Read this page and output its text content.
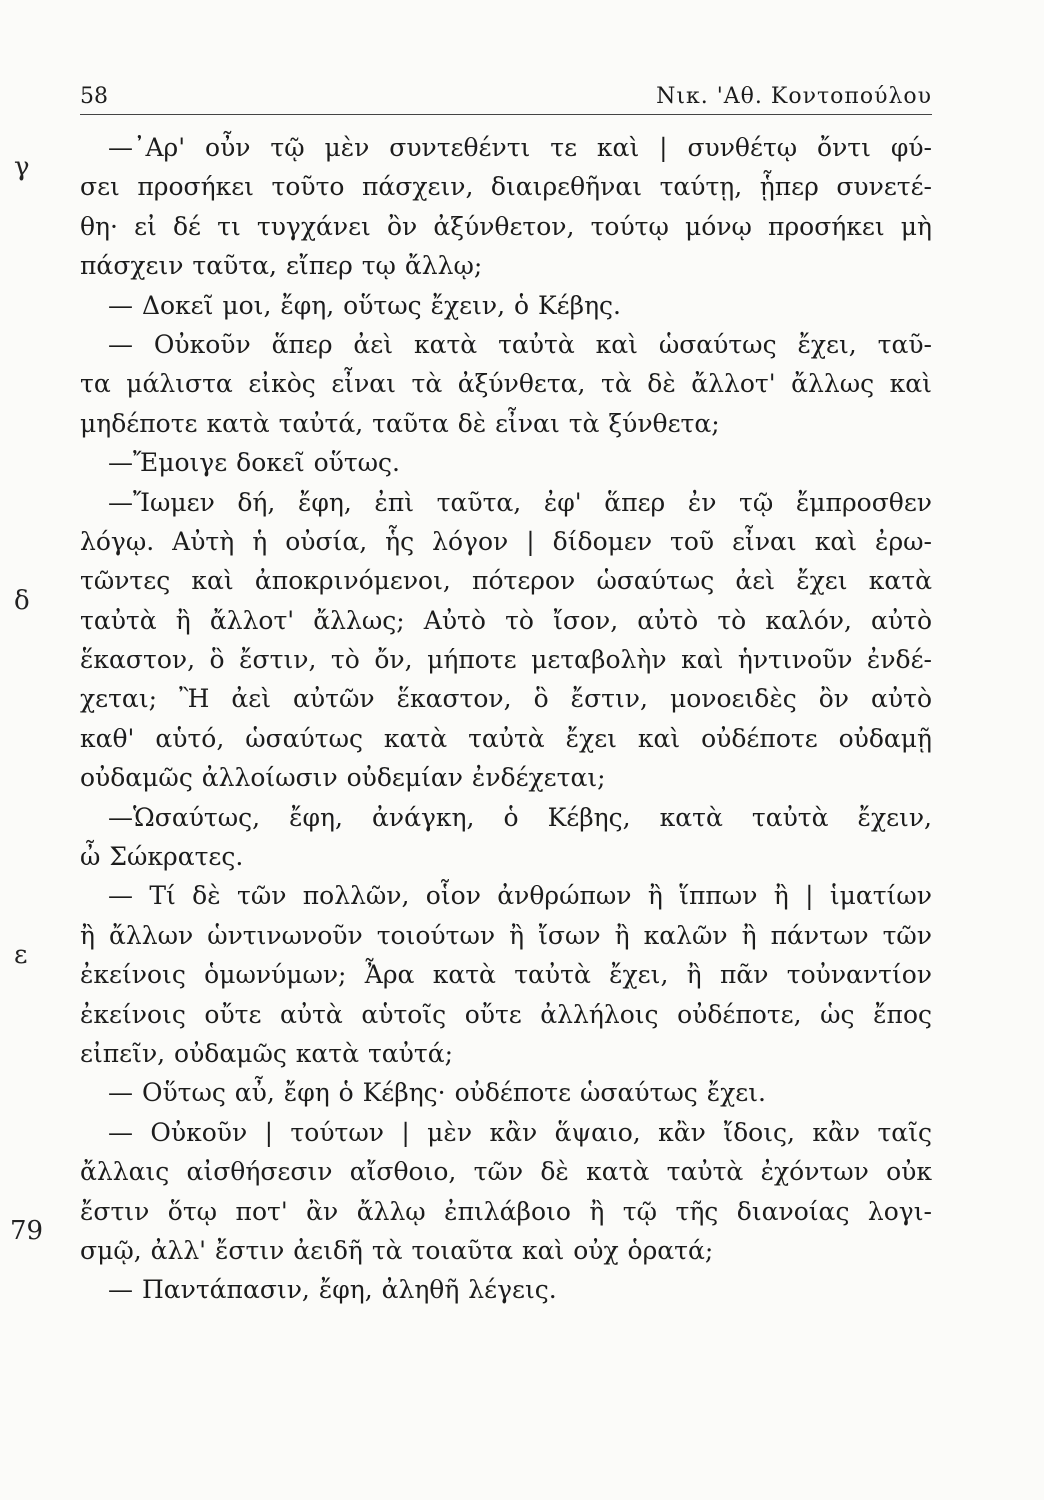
58	Νικ. 'Αθ. Κοντοπούλου
γ
δ
ε
79
—᾿Αρ' οὖν τῷ μὲν συντεθέντι τε καὶ | συνθέτῳ ὄντι φύ-
σει προσήκει τοῦτο πάσχειν, διαιρεθῆναι ταύτῃ, ᾗπερ συνετέ-
θη· εἰ δέ τι τυγχάνει ὂν ἀξύνθετον, τούτῳ μόνῳ προσήκει μὴ
πάσχειν ταῦτα, εἴπερ τῳ ἄλλῳ;
— Δοκεῖ μοι, ἔφη, οὕτως ἔχειν, ὁ Κέβης.
— Οὐκοῦν ἅπερ ἀεὶ κατὰ ταὐτὰ καὶ ὡσαύτως ἔχει, ταῦ-
τα μάλιστα εἰκὸς εἶναι τὰ ἀξύνθετα, τὰ δὲ ἄλλοτ' ἄλλως καὶ
μηδέποτε κατὰ ταὐτά, ταῦτα δὲ εἶναι τὰ ξύνθετα;
—Ἔμοιγε δοκεῖ οὕτως.
—Ἴωμεν δή, ἔφη, ἐπὶ ταῦτα, ἐφ' ἅπερ ἐν τῷ ἔμπροσθεν
λόγῳ. Αὐτὴ ἡ οὐσία, ἧς λόγον | δίδομεν τοῦ εἶναι καὶ ἐρω-
τῶντες καὶ ἀποκρινόμενοι, πότερον ὡσαύτως ἀεὶ ἔχει κατὰ
ταὐτὰ ἢ ἄλλοτ' ἄλλως; Αὐτὸ τὸ ἴσον, αὐτὸ τὸ καλόν, αὐτὸ
ἕκαστον, ὃ ἔστιν, τὸ ὄν, μήποτε μεταβολὴν καὶ ἡντινοῦν ἐνδέ-
χεται; Ἢ ἀεὶ αὐτῶν ἕκαστον, ὃ ἔστιν, μονοειδὲς ὂν αὐτὸ
καθ' αὑτό, ὡσαύτως κατὰ ταὐτὰ ἔχει καὶ οὐδέποτε οὐδαμῇ
οὐδαμῶς ἀλλοίωσιν οὐδεμίαν ἐνδέχεται;
—Ὡσαύτως, ἔφη, ἀνάγκη, ὁ Κέβης, κατὰ ταὐτὰ ἔχειν,
ὦ Σώκρατες.
— Τί δὲ τῶν πολλῶν, οἷον ἀνθρώπων ἢ ἵππων ἢ | ἱματίων
ἢ ἄλλων ὡντινωνοῦν τοιούτων ἢ ἴσων ἢ καλῶν ἢ πάντων τῶν
ἐκείνοις ὁμωνύμων; Ἆρα κατὰ ταὐτὰ ἔχει, ἢ πᾶν τοὐναντίον
ἐκείνοις οὔτε αὐτὰ αὑτοῖς οὔτε ἀλλήλοις οὐδέποτε, ὡς ἔπος
εἰπεῖν, οὐδαμῶς κατὰ ταὐτά;
— Οὕτως αὖ, ἔφη ὁ Κέβης· οὐδέποτε ὡσαύτως ἔχει.
— Οὐκοῦν | τούτων | μὲν κἂν ἅψαιο, κἂν ἴδοις, κἂν ταῖς
ἄλλαις αἰσθήσεσιν αἴσθοιο, τῶν δὲ κατὰ ταὐτὰ ἐχόντων οὐκ
ἔστιν ὅτῳ ποτ' ἂν ἄλλῳ ἐπιλάβοιο ἢ τῷ τῆς διανοίας λογι-
σμῷ, ἀλλ' ἔστιν ἀειδῆ τὰ τοιαῦτα καὶ οὐχ ὁρατά;
— Παντάπασιν, ἔφη, ἀληθῆ λέγεις.
